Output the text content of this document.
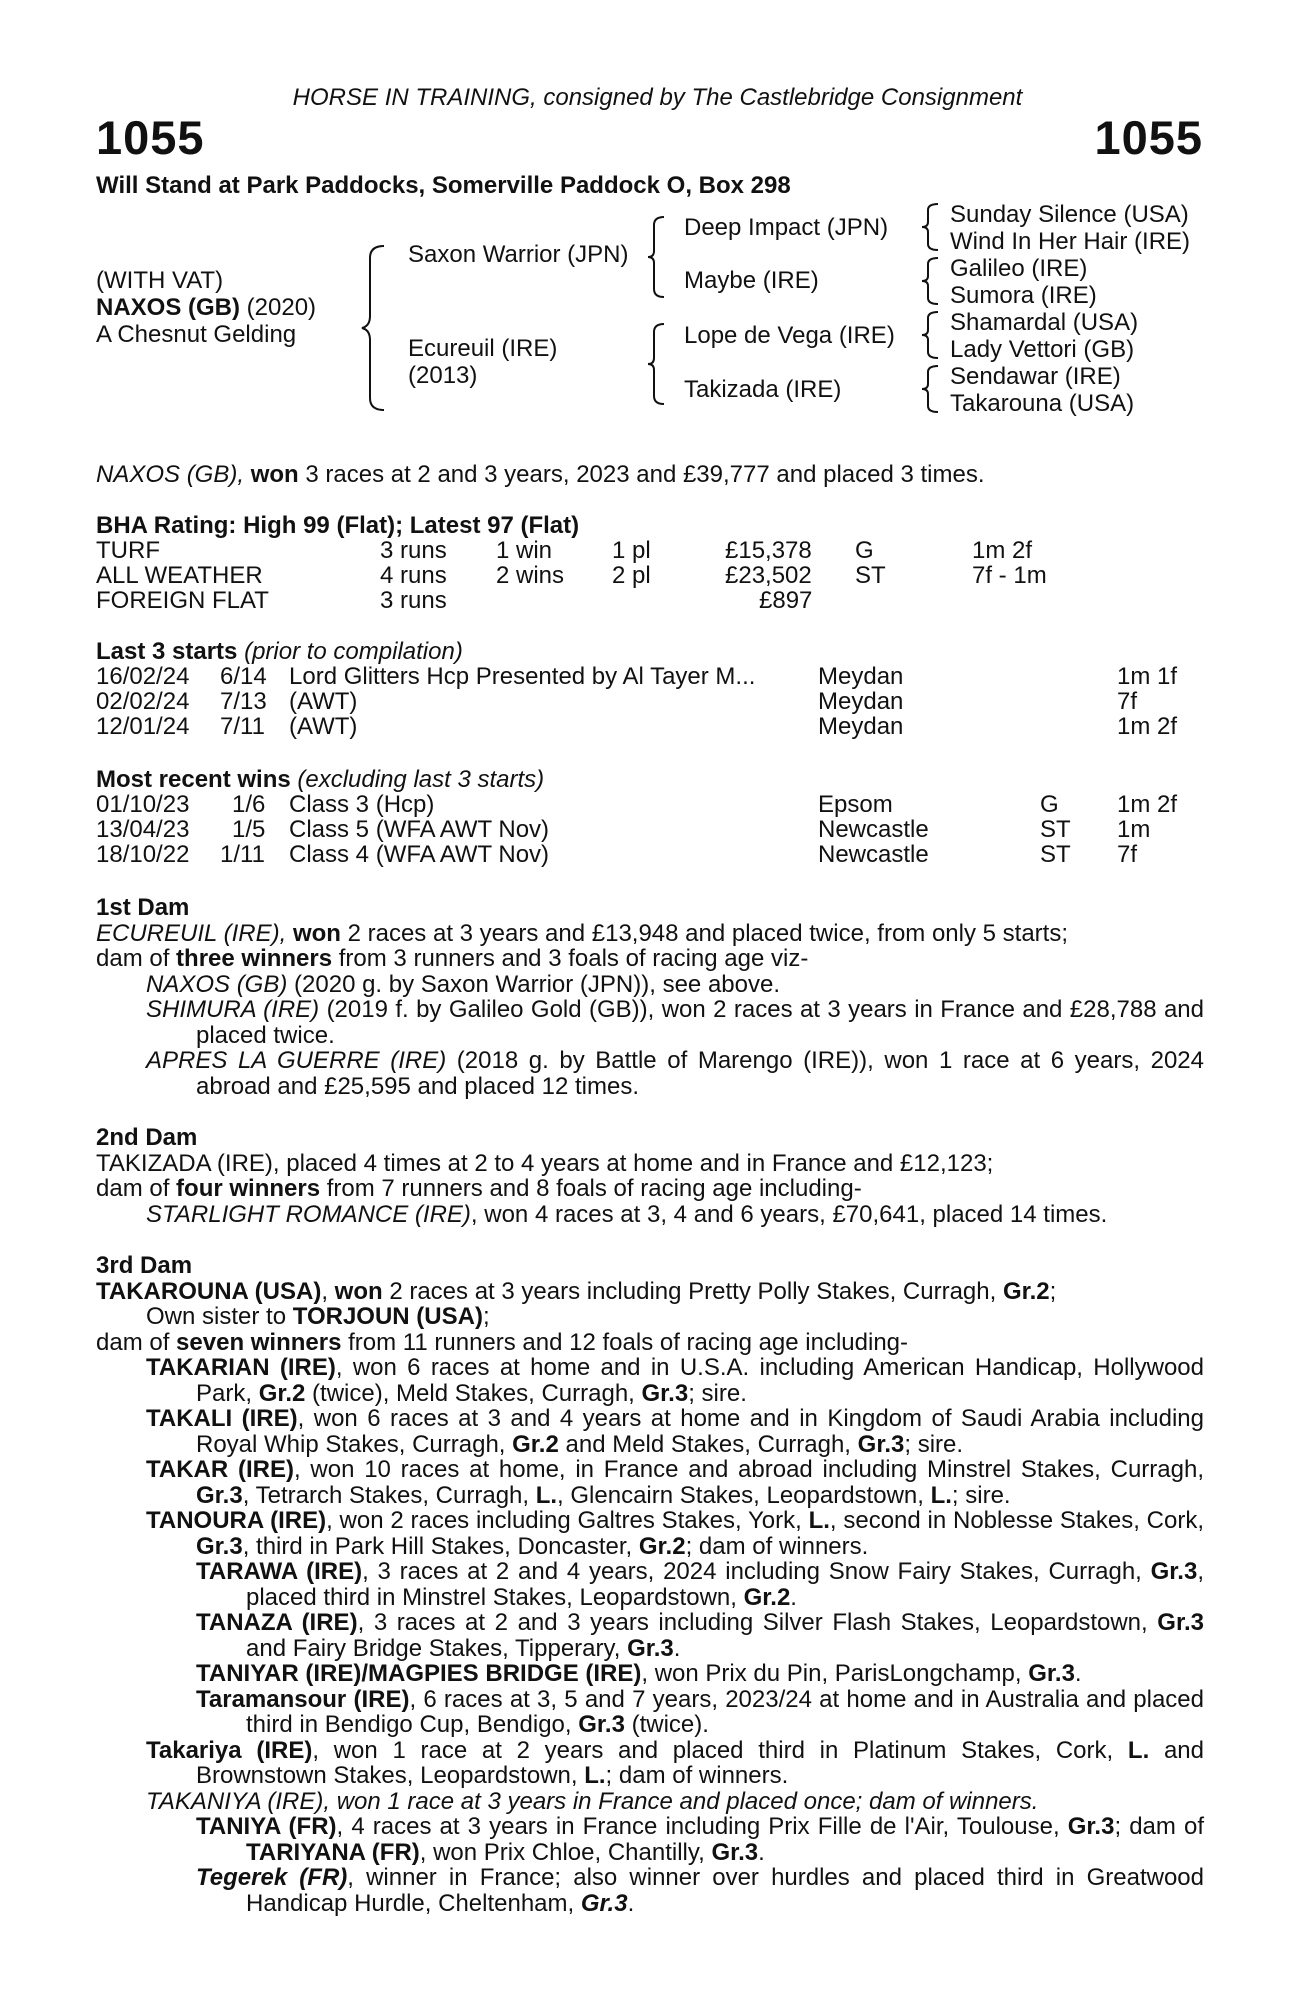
HORSE IN TRAINING, consigned by The Castlebridge Consignment
1055	1055
Will Stand at Park Paddocks, Somerville Paddock O, Box 298
(WITH VAT)
NAXOS (GB) (2020)
A Chesnut Gelding
Saxon Warrior (JPN)
Ecureuil (IRE)
(2013)
Deep Impact (JPN)
Maybe (IRE)
Lope de Vega (IRE)
Takizada (IRE)
Sunday Silence (USA)
Wind In Her Hair (IRE)
Galileo (IRE)
Sumora (IRE)
Shamardal (USA)
Lady Vettori (GB)
Sendawar (IRE)
Takarouna (USA)
NAXOS (GB), won 3 races at 2 and 3 years, 2023 and £39,777 and placed 3 times.
BHA Rating: High 99 (Flat); Latest 97 (Flat)
TURF	3 runs 1 win 1 pl	£15,378 G	1m 2f
ALL WEATHER	4 runs 2 wins 2 pl	£23,502 ST	7f - 1m
FOREIGN FLAT	3 runs	£897
Last 3 starts (prior to compilation)
16/02/24 6/14 Lord Glitters Hcp Presented by Al Tayer M...	Meydan	1m 1f
02/02/24 7/13 (AWT)	Meydan	7f
12/01/24 7/11 (AWT)	Meydan	1m 2f
Most recent wins (excluding last 3 starts)
01/10/23 1/6 Class 3 (Hcp)	Epsom	G 1m 2f
13/04/23 1/5 Class 5 (WFA AWT Nov)	Newcastle	ST 1m
18/10/22 1/11 Class 4 (WFA AWT Nov)	Newcastle	ST 7f
1st Dam
ECUREUIL (IRE), won 2 races at 3 years and £13,948 and placed twice, from only 5 starts;
dam of three winners from 3 runners and 3 foals of racing age viz-
NAXOS (GB) (2020 g. by Saxon Warrior (JPN)), see above.
SHIMURA (IRE) (2019 f. by Galileo Gold (GB)), won 2 races at 3 years in France and £28,788 and placed twice.
APRES LA GUERRE (IRE) (2018 g. by Battle of Marengo (IRE)), won 1 race at 6 years, 2024 abroad and £25,595 and placed 12 times.
2nd Dam
TAKIZADA (IRE), placed 4 times at 2 to 4 years at home and in France and £12,123;
dam of four winners from 7 runners and 8 foals of racing age including-
STARLIGHT ROMANCE (IRE), won 4 races at 3, 4 and 6 years, £70,641, placed 14 times.
3rd Dam
TAKAROUNA (USA), won 2 races at 3 years including Pretty Polly Stakes, Curragh, Gr.2;
Own sister to TORJOUN (USA);
dam of seven winners from 11 runners and 12 foals of racing age including-
TAKARIAN (IRE), won 6 races at home and in U.S.A. including American Handicap, Hollywood Park, Gr.2 (twice), Meld Stakes, Curragh, Gr.3; sire.
TAKALI (IRE), won 6 races at 3 and 4 years at home and in Kingdom of Saudi Arabia including Royal Whip Stakes, Curragh, Gr.2 and Meld Stakes, Curragh, Gr.3; sire.
TAKAR (IRE), won 10 races at home, in France and abroad including Minstrel Stakes, Curragh, Gr.3, Tetrarch Stakes, Curragh, L., Glencairn Stakes, Leopardstown, L.; sire.
TANOURA (IRE), won 2 races including Galtres Stakes, York, L., second in Noblesse Stakes, Cork, Gr.3, third in Park Hill Stakes, Doncaster, Gr.2; dam of winners.
TARAWA (IRE), 3 races at 2 and 4 years, 2024 including Snow Fairy Stakes, Curragh, Gr.3, placed third in Minstrel Stakes, Leopardstown, Gr.2.
TANAZA (IRE), 3 races at 2 and 3 years including Silver Flash Stakes, Leopardstown, Gr.3 and Fairy Bridge Stakes, Tipperary, Gr.3.
TANIYAR (IRE)/MAGPIES BRIDGE (IRE), won Prix du Pin, ParisLongchamp, Gr.3.
Taramansour (IRE), 6 races at 3, 5 and 7 years, 2023/24 at home and in Australia and placed third in Bendigo Cup, Bendigo, Gr.3 (twice).
Takariya (IRE), won 1 race at 2 years and placed third in Platinum Stakes, Cork, L. and Brownstown Stakes, Leopardstown, L.; dam of winners.
TAKANIYA (IRE), won 1 race at 3 years in France and placed once; dam of winners.
TANIYA (FR), 4 races at 3 years in France including Prix Fille de l'Air, Toulouse, Gr.3; dam of TARIYANA (FR), won Prix Chloe, Chantilly, Gr.3.
Tegerek (FR), winner in France; also winner over hurdles and placed third in Greatwood Handicap Hurdle, Cheltenham, Gr.3.
